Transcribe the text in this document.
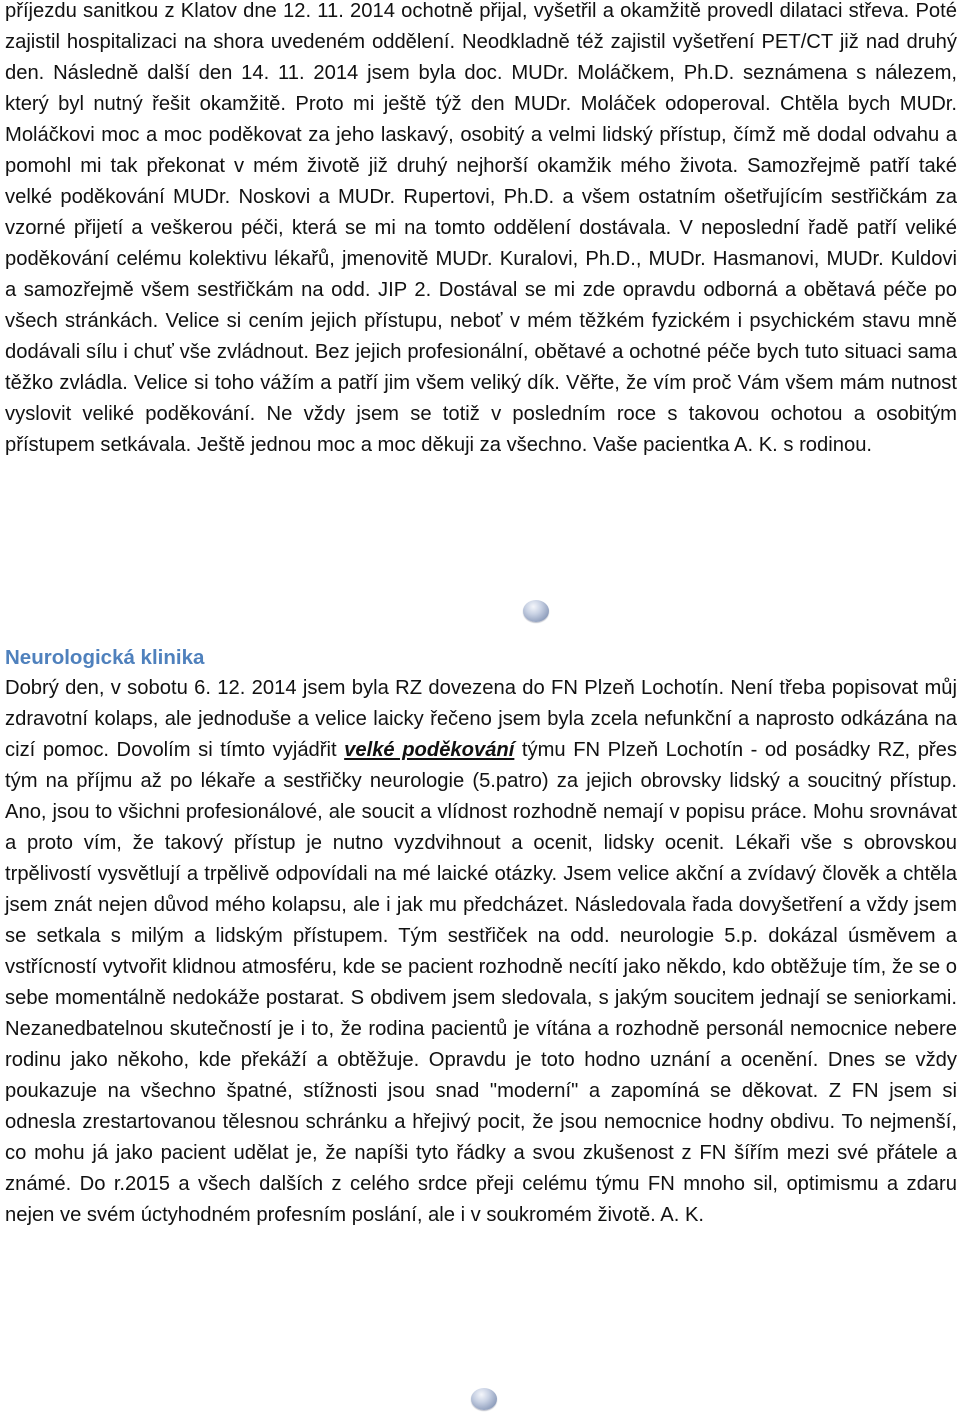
příjezdu sanitkou z Klatov dne 12. 11. 2014 ochotně přijal, vyšetřil a okamžitě provedl dilataci střeva. Poté zajistil hospitalizaci na shora uvedeném oddělení. Neodkladně též zajistil vyšetření PET/CT již nad druhý den. Následně další den 14. 11. 2014 jsem byla doc. MUDr. Moláčkem, Ph.D. seznámena s nálezem, který byl nutný řešit okamžitě. Proto mi ještě týž den MUDr. Moláček odoperoval. Chtěla bych MUDr. Moláčkovi moc a moc poděkovat za jeho laskavý, osobitý a velmi lidský přístup, čímž mě dodal odvahu a pomohl mi tak překonat v mém životě již druhý nejhorší okamžik mého života. Samozřejmě patří také velké poděkování MUDr. Noskovi a MUDr. Rupertovi, Ph.D. a všem ostatním ošetřujícím sestřičkám za vzorné přijetí a veškerou péči, která se mi na tomto oddělení dostávala. V neposlední řadě patří veliké poděkování celému kolektivu lékařů, jmenovitě MUDr. Kuralovi, Ph.D., MUDr. Hasmanovi, MUDr. Kuldovi a samozřejmě všem sestřičkám na odd. JIP 2. Dostával se mi zde opravdu odborná a obětavá péče po všech stránkách. Velice si cením jejich přístupu, neboť v mém těžkém fyzickém i psychickém stavu mně dodávali sílu i chuť vše zvládnout. Bez jejich profesionální, obětavé a ochotné péče bych tuto situaci sama těžko zvládla. Velice si toho vážím a patří jim všem veliký dík. Věřte, že vím proč Vám všem mám nutnost vyslovit veliké poděkování. Ne vždy jsem se totiž v posledním roce s takovou ochotou a osobitým přístupem setkávala. Ještě jednou moc a moc děkuji za všechno. Vaše pacientka A. K. s rodinou.

Neurologická klinika

Dobrý den, v sobotu 6. 12. 2014 jsem byla RZ dovezena do FN Plzeň Lochotín. Není třeba popisovat můj zdravotní kolaps, ale jednoduše a velice laicky řečeno jsem byla zcela nefunkční a naprosto odkázána na cizí pomoc. Dovolím si tímto vyjádřit velké poděkování týmu FN Plzeň Lochotín - od posádky RZ, přes tým na příjmu až po lékaře a sestřičky neurologie (5.patro) za jejich obrovsky lidský a soucitný přístup. Ano, jsou to všichni profesionálové, ale soucit a vlídnost rozhodně nemají v popisu práce. Mohu srovnávat a proto vím, že takový přístup je nutno vyzdvihnout a ocenit, lidsky ocenit. Lékaři vše s obrovskou trpělivostí vysvětlují a trpělivě odpovídali na mé laické otázky. Jsem velice akční a zvídavý člověk a chtěla jsem znát nejen důvod mého kolapsu, ale i jak mu předcházet. Následovala řada dovyšetření a vždy jsem se setkala s milým a lidským přístupem. Tým sestřiček na odd. neurologie 5.p. dokázal úsměvem a vstřícností vytvořit klidnou atmosféru, kde se pacient rozhodně necítí jako někdo, kdo obtěžuje tím, že se o sebe momentálně nedokáže postarat. S obdivem jsem sledovala, s jakým soucitem jednají se seniorkami. Nezanedbatelnou skutečností je i to, že rodina pacientů je vítána a rozhodně personál nemocnice nebere rodinu jako někoho, kde překáží a obtěžuje. Opravdu je toto hodno uznání a ocenění. Dnes se vždy poukazuje na všechno špatné, stížnosti jsou snad "moderní" a zapomíná se děkovat. Z FN jsem si odnesla zrestartovanou tělesnou schránku a hřejivý pocit, že jsou nemocnice hodny obdivu. To nejmenší, co mohu já jako pacient udělat je, že napíši tyto řádky a svou zkušenost z FN šířím mezi své přátele a známé. Do r.2015 a všech dalších z celého srdce přeji celému týmu FN mnoho sil, optimismu a zdaru nejen ve svém úctyhodném profesním poslání, ale i v soukromém životě. A. K.
